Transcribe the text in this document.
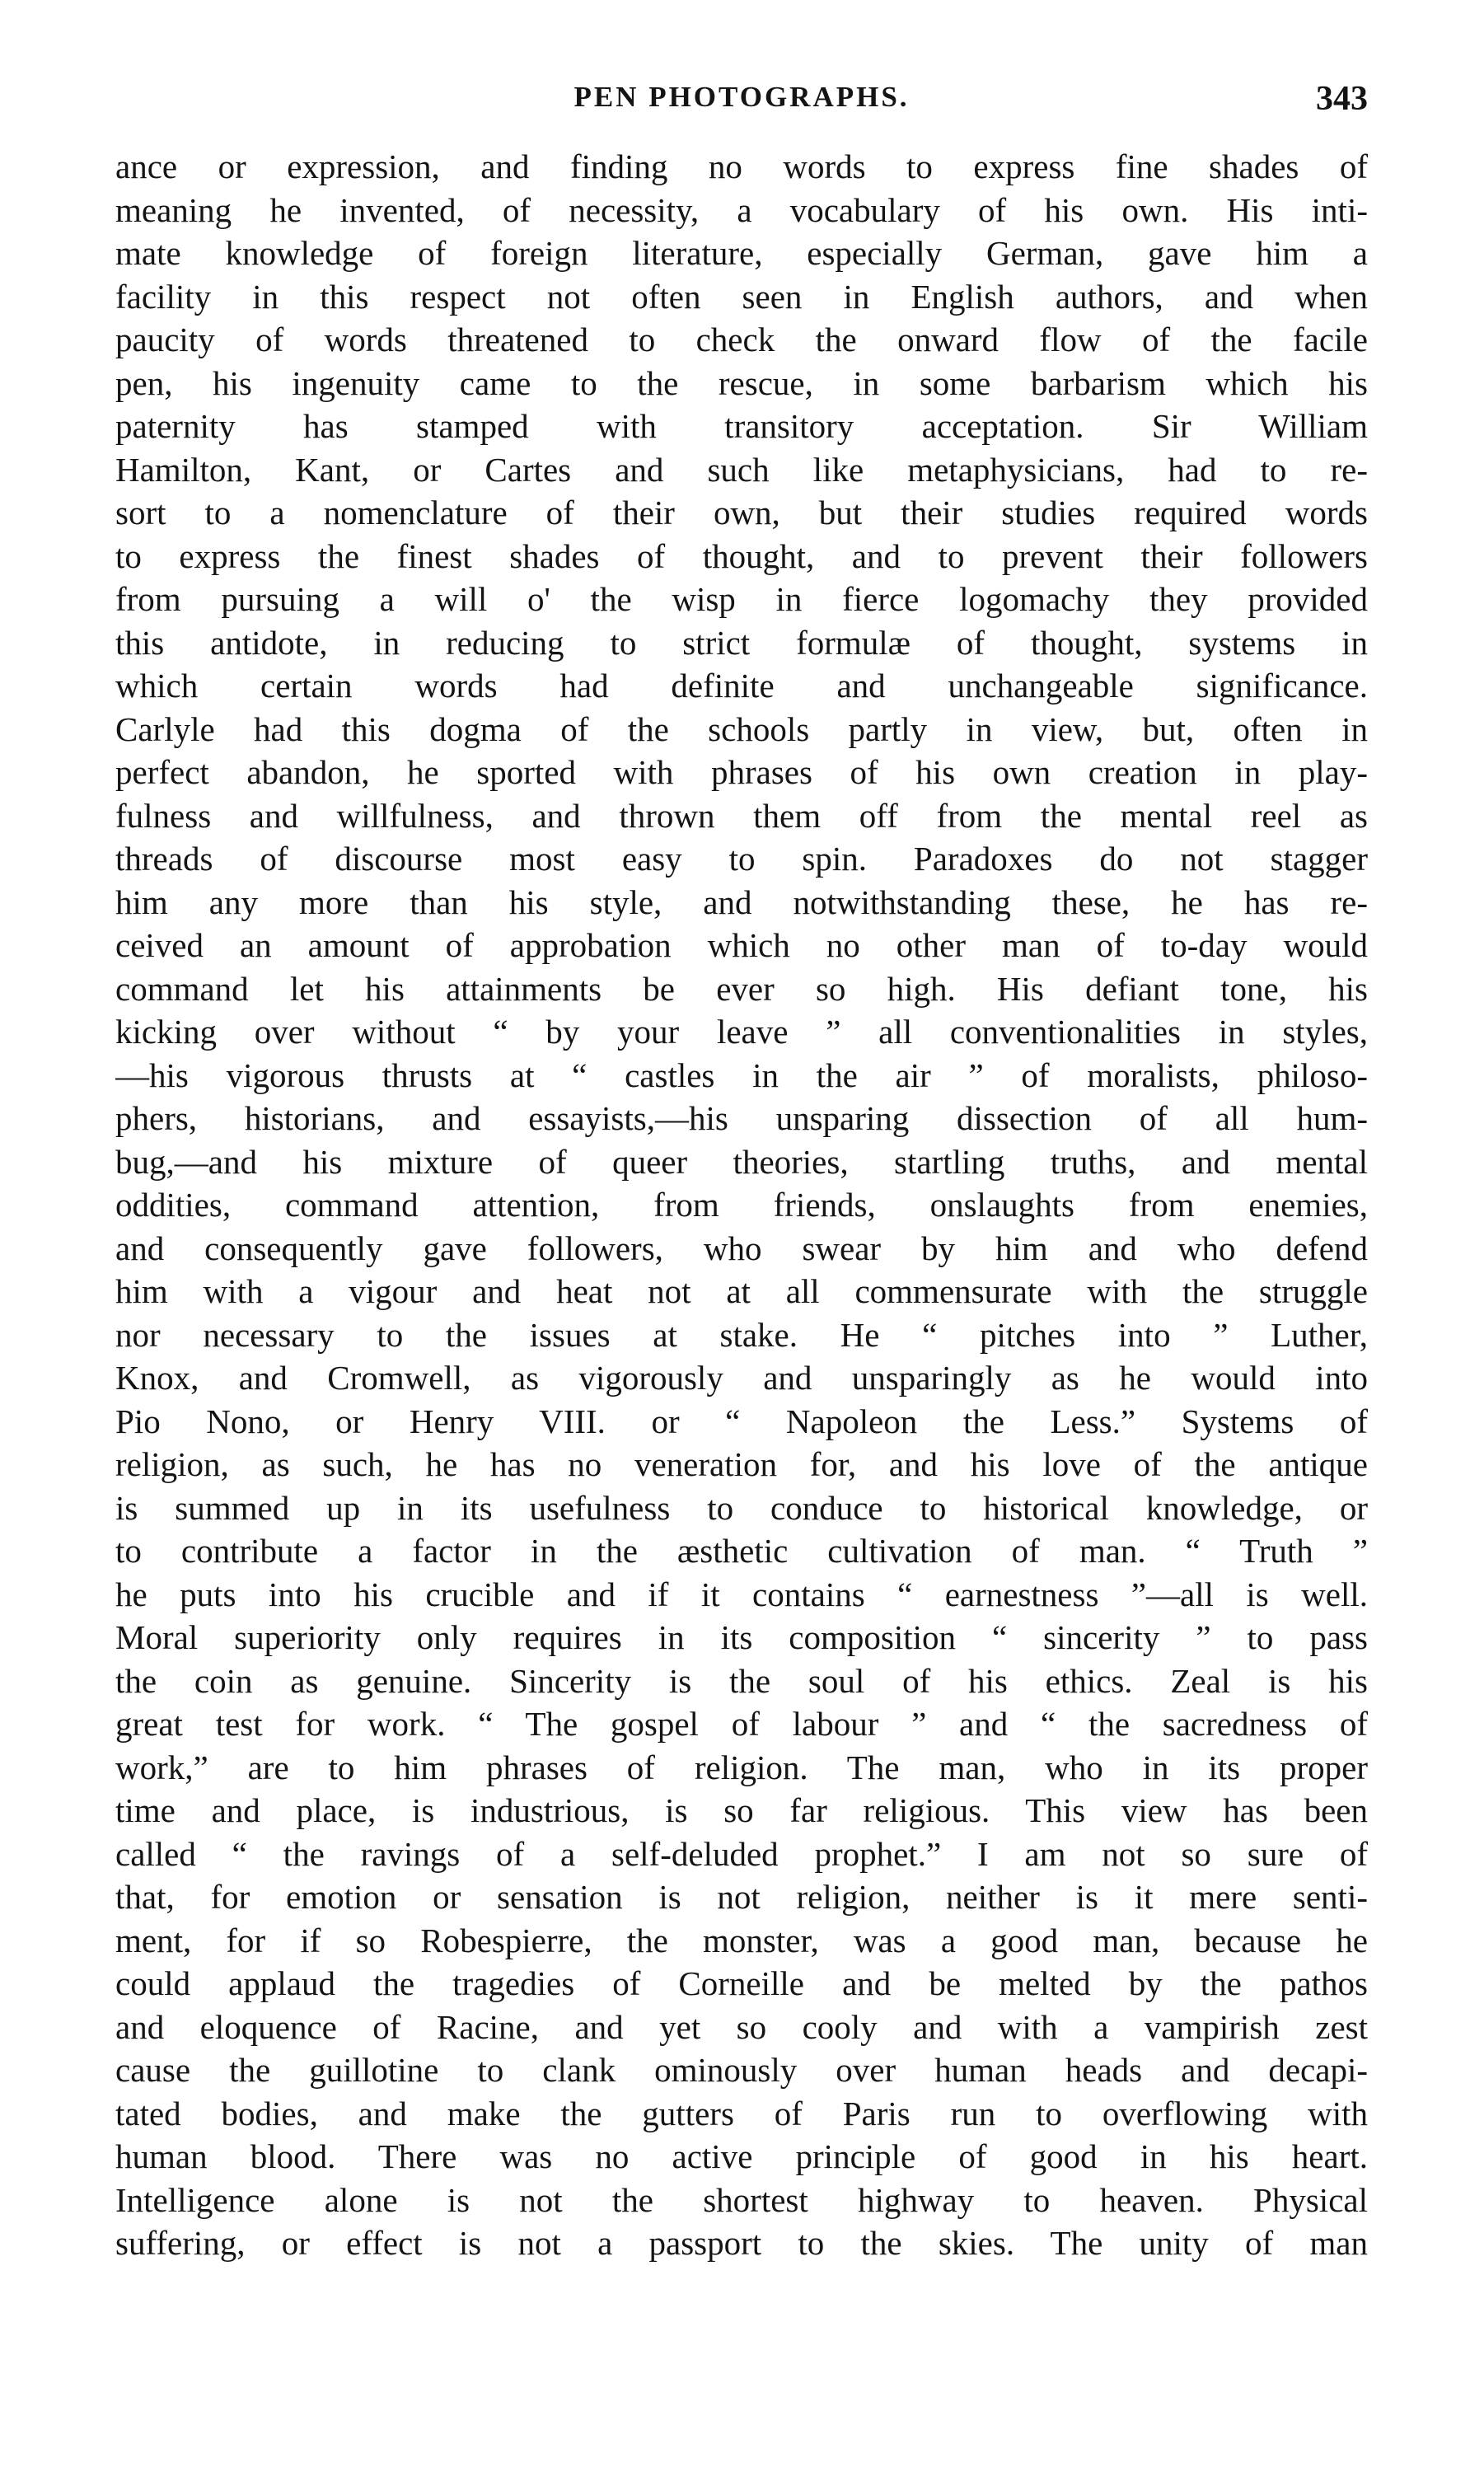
PEN PHOTOGRAPHS.	343
ance or expression, and finding no words to express fine shades of
meaning he invented, of necessity, a vocabulary of his own. His inti-
mate knowledge of foreign literature, especially German, gave him a
facility in this respect not often seen in English authors, and when
paucity of words threatened to check the onward flow of the facile
pen, his ingenuity came to the rescue, in some barbarism which his
paternity has stamped with transitory acceptation. Sir William
Hamilton, Kant, or Cartes and such like metaphysicians, had to re-
sort to a nomenclature of their own, but their studies required words
to express the finest shades of thought, and to prevent their followers
from pursuing a will o' the wisp in fierce logomachy they provided
this antidote, in reducing to strict formulæ of thought, systems in
which certain words had definite and unchangeable significance.
Carlyle had this dogma of the schools partly in view, but, often in
perfect abandon, he sported with phrases of his own creation in play-
fulness and willfulness, and thrown them off from the mental reel as
threads of discourse most easy to spin. Paradoxes do not stagger
him any more than his style, and notwithstanding these, he has re-
ceived an amount of approbation which no other man of to-day would
command let his attainments be ever so high. His defiant tone, his
kicking over without “ by your leave ” all conventionalities in styles,
—his vigorous thrusts at “ castles in the air ” of moralists, philoso-
phers, historians, and essayists,—his unsparing dissection of all hum-
bug,—and his mixture of queer theories, startling truths, and mental
oddities, command attention, from friends, onslaughts from enemies,
and consequently gave followers, who swear by him and who defend
him with a vigour and heat not at all commensurate with the struggle
nor necessary to the issues at stake. He “ pitches into ” Luther,
Knox, and Cromwell, as vigorously and unsparingly as he would into
Pio Nono, or Henry VIII. or “ Napoleon the Less.” Systems of
religion, as such, he has no veneration for, and his love of the antique
is summed up in its usefulness to conduce to historical knowledge, or
to contribute a factor in the æsthetic cultivation of man. “ Truth ”
he puts into his crucible and if it contains “ earnestness ”—all is well.
Moral superiority only requires in its composition “ sincerity ” to pass
the coin as genuine. Sincerity is the soul of his ethics. Zeal is his
great test for work. “ The gospel of labour ” and “ the sacredness of
work,” are to him phrases of religion. The man, who in its proper
time and place, is industrious, is so far religious. This view has been
called “ the ravings of a self-deluded prophet.” I am not so sure of
that, for emotion or sensation is not religion, neither is it mere senti-
ment, for if so Robespierre, the monster, was a good man, because he
could applaud the tragedies of Corneille and be melted by the pathos
and eloquence of Racine, and yet so cooly and with a vampirish zest
cause the guillotine to clank ominously over human heads and decapi-
tated bodies, and make the gutters of Paris run to overflowing with
human blood. There was no active principle of good in his heart.
Intelligence alone is not the shortest highway to heaven. Physical
suffering, or effect is not a passport to the skies. The unity of man
